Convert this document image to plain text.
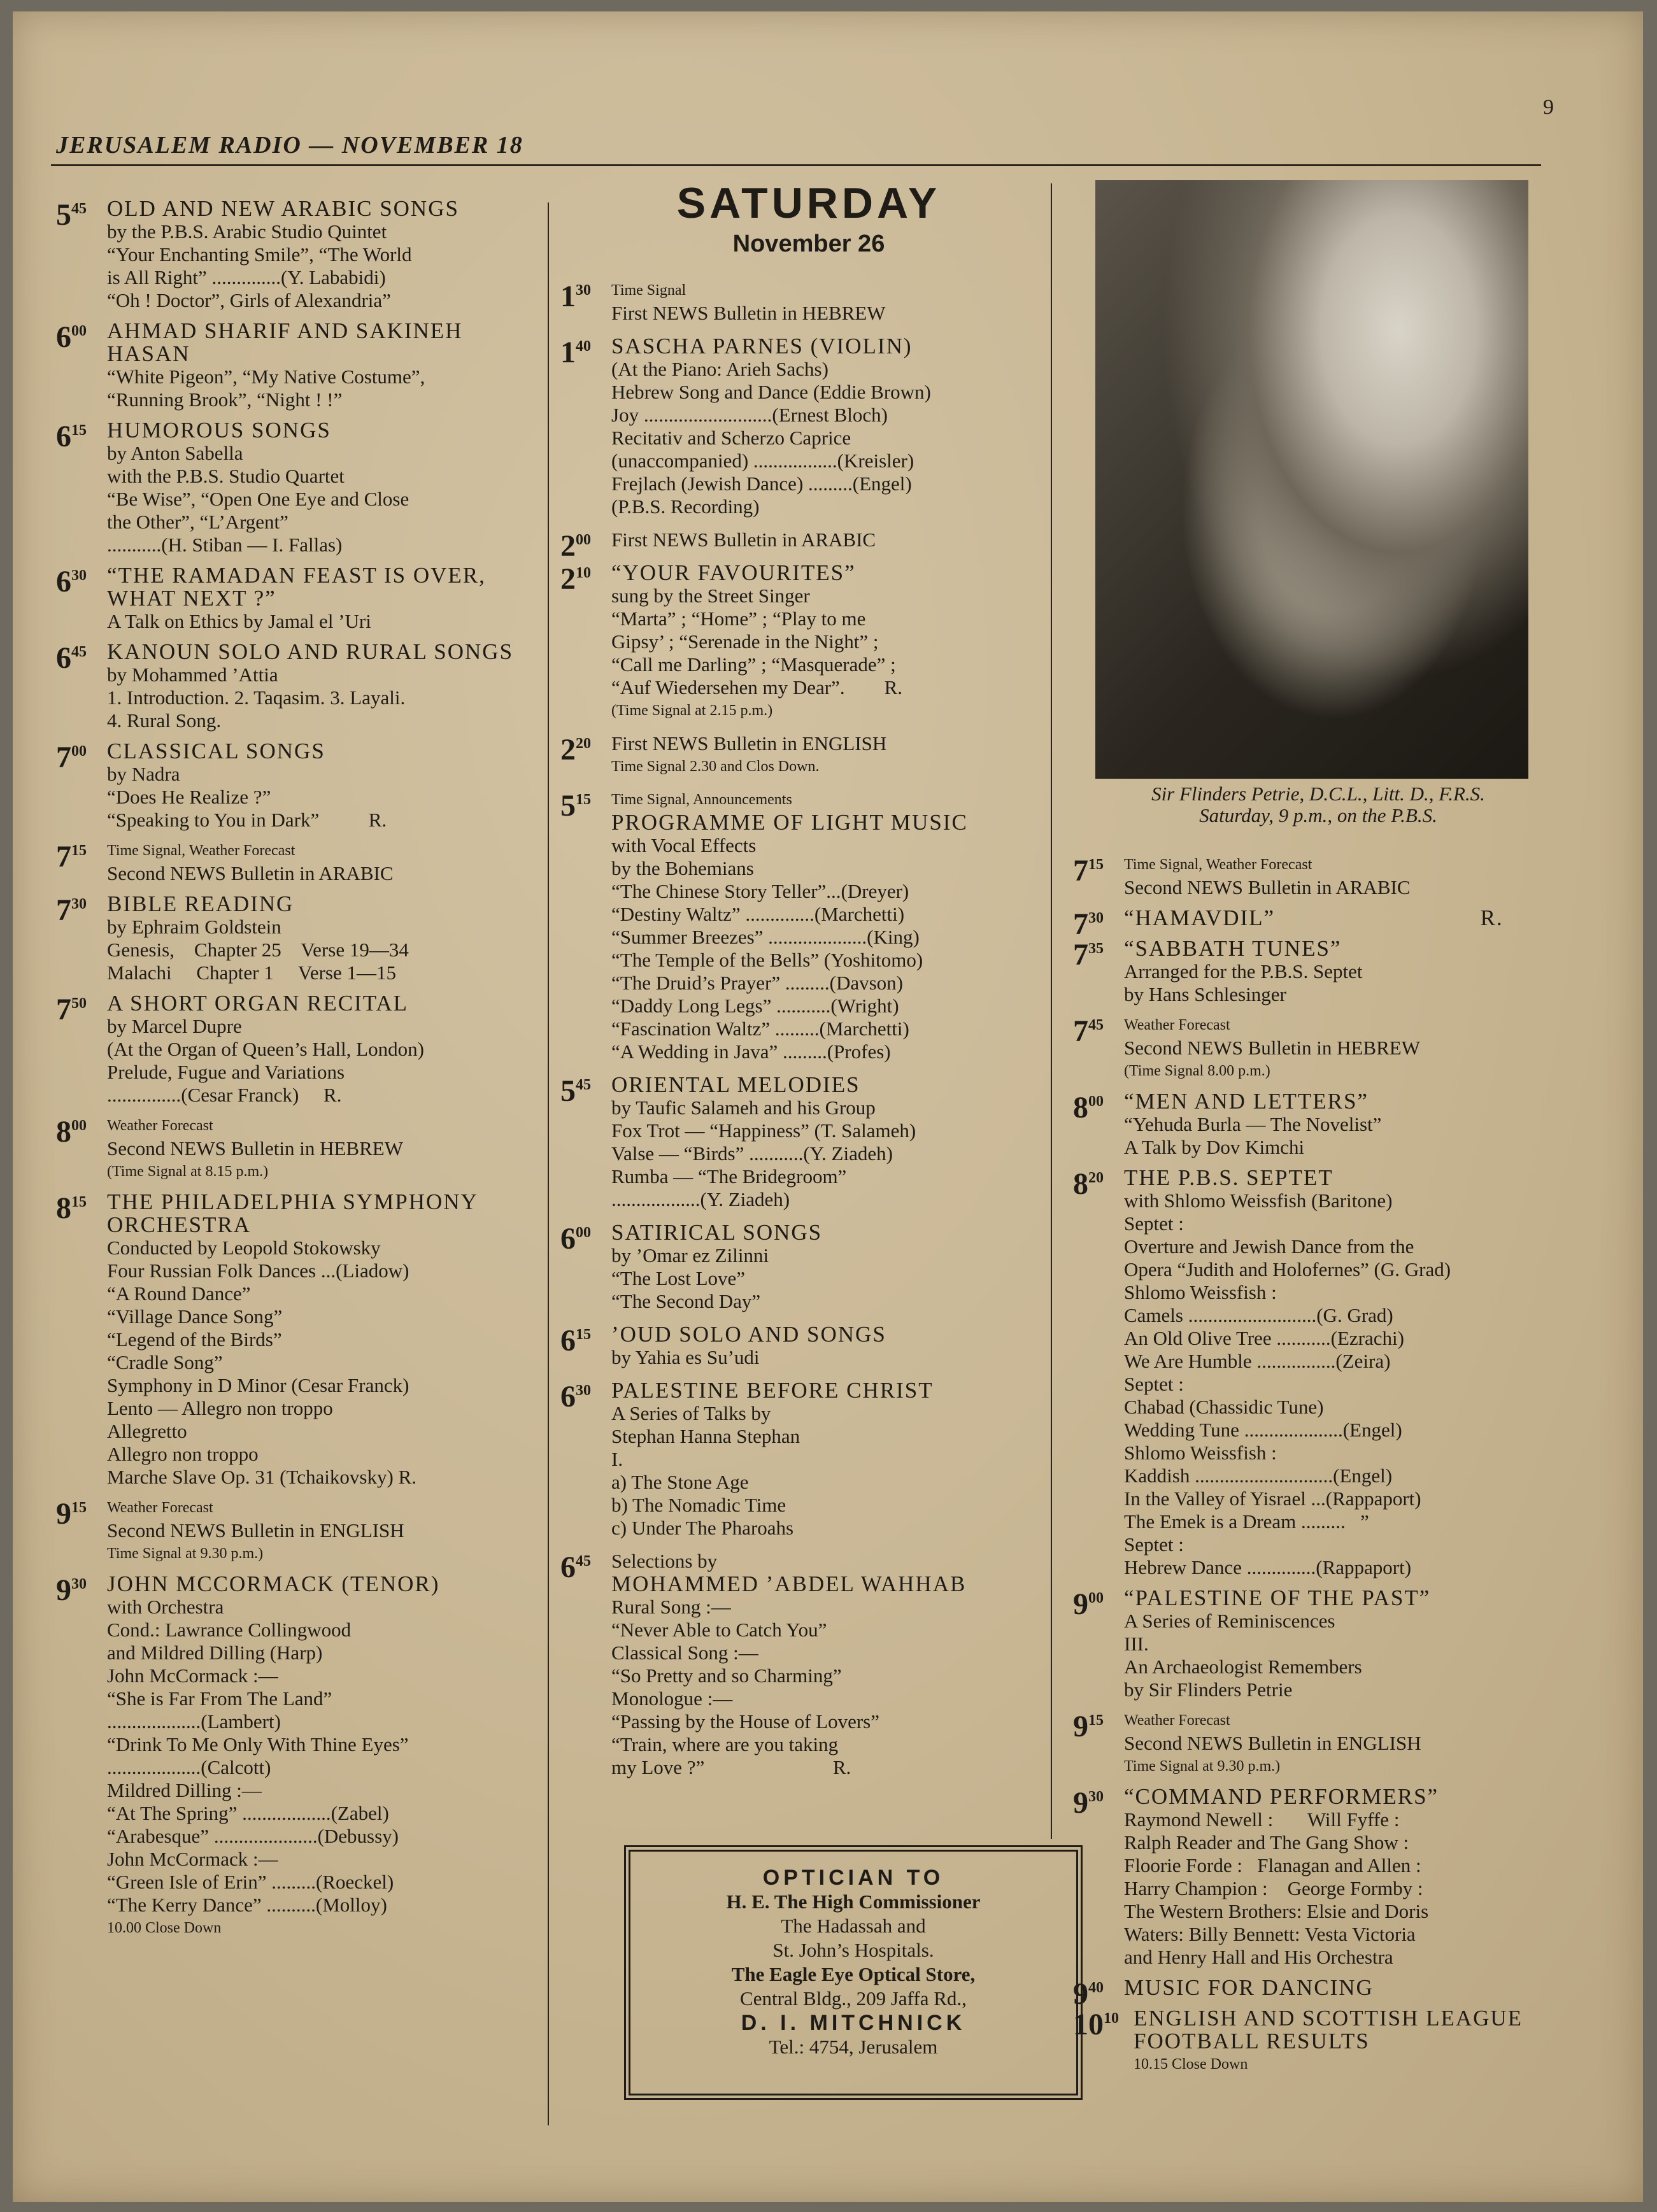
JERUSALEM RADIO — NOVEMBER 18
9
$5^{45}$ OLD AND NEW ARABIC SONGS
by the P.B.S. Arabic Studio Quintet
“Your Enchanting Smile”, “The World
is All Right” ..............(Y. Lababidi)
“Oh ! Doctor”, Girls of Alexandria”
$6^{00}$ AHMAD SHARIF AND SAKINEH
HASAN
“White Pigeon”, “My Native Costume”,
“Running Brook”, “Night ! !”
$6^{15}$ HUMOROUS SONGS
by Anton Sabella
with the P.B.S. Studio Quartet
“Be Wise”, “Open One Eye and Close
the Other”, “L’Argent”
...........(H. Stiban — I. Fallas)
$6^{30}$ “THE RAMADAN FEAST IS OVER,
WHAT NEXT ?”
A Talk on Ethics by Jamal el ’Uri
$6^{45}$ KANOUN SOLO AND RURAL SONGS
by Mohammed ’Attia
1. Introduction. 2. Taqasim. 3. Layali.
4. Rural Song.
$7^{00}$ CLASSICAL SONGS
by Nadra
“Does He Realize ?”
“Speaking to You in Dark”          R.
$7^{15}$ Time Signal, Weather Forecast
Second NEWS Bulletin in ARABIC
$7^{30}$ BIBLE READING
by Ephraim Goldstein
Genesis,    Chapter 25    Verse 19—34
Malachi     Chapter 1     Verse 1—15
$7^{50}$ A SHORT ORGAN RECITAL
by Marcel Dupre
(At the Organ of Queen’s Hall, London)
Prelude, Fugue and Variations
...............(Cesar Franck)     R.
$8^{00}$ Weather Forecast
Second NEWS Bulletin in HEBREW
(Time Signal at 8.15 p.m.)
$8^{15}$ THE PHILADELPHIA SYMPHONY
ORCHESTRA
Conducted by Leopold Stokowsky
Four Russian Folk Dances ...(Liadow)
“A Round Dance”
“Village Dance Song”
“Legend of the Birds”
“Cradle Song”
Symphony in D Minor (Cesar Franck)
Lento — Allegro non troppo
Allegretto
Allegro non troppo
Marche Slave Op. 31 (Tchaikovsky) R.
$9^{15}$ Weather Forecast
Second NEWS Bulletin in ENGLISH
Time Signal at 9.30 p.m.)
$9^{30}$ JOHN MCCORMACK (TENOR)
with Orchestra
Cond.: Lawrance Collingwood
and Mildred Dilling (Harp)
John McCormack :—
“She is Far From The Land”
...................(Lambert)
“Drink To Me Only With Thine Eyes”
...................(Calcott)
Mildred Dilling :—
“At The Spring” ..................(Zabel)
“Arabesque” .....................(Debussy)
John McCormack :—
“Green Isle of Erin” .........(Roeckel)
“The Kerry Dance” ..........(Molloy)
10.00 Close Down
SATURDAY
November 26
$1^{30}$ Time Signal
First NEWS Bulletin in HEBREW
$1^{40}$ SASCHA PARNES (VIOLIN)
(At the Piano: Arieh Sachs)
Hebrew Song and Dance (Eddie Brown)
Joy ..........................(Ernest Bloch)
Recitativ and Scherzo Caprice
(unaccompanied) .................(Kreisler)
Frejlach (Jewish Dance) .........(Engel)
(P.B.S. Recording)
$2^{00}$ First NEWS Bulletin in ARABIC
$2^{10}$ “YOUR FAVOURITES”
sung by the Street Singer
“Marta” ; “Home” ; “Play to me
Gipsy’ ; “Serenade in the Night” ;
“Call me Darling” ; “Masquerade” ;
“Auf Wiedersehen my Dear”.        R.
(Time Signal at 2.15 p.m.)
$2^{20}$ First NEWS Bulletin in ENGLISH
Time Signal 2.30 and Clos Down.
$5^{15}$ Time Signal, Announcements
PROGRAMME OF LIGHT MUSIC
with Vocal Effects
by the Bohemians
“The Chinese Story Teller”...(Dreyer)
“Destiny Waltz” ..............(Marchetti)
“Summer Breezes” ....................(King)
“The Temple of the Bells” (Yoshitomo)
“The Druid’s Prayer” .........(Davson)
“Daddy Long Legs” ...........(Wright)
“Fascination Waltz” .........(Marchetti)
“A Wedding in Java” .........(Profes)
$5^{45}$ ORIENTAL MELODIES
by Taufic Salameh and his Group
Fox Trot — “Happiness” (T. Salameh)
Valse — “Birds” ...........(Y. Ziadeh)
Rumba — “The Bridegroom”
..................(Y. Ziadeh)
$6^{00}$ SATIRICAL SONGS
by ’Omar ez Zilinni
“The Lost Love”
“The Second Day”
$6^{15}$ ’OUD SOLO AND SONGS
by Yahia es Su’udi
$6^{30}$ PALESTINE BEFORE CHRIST
A Series of Talks by
Stephan Hanna Stephan
I.
a) The Stone Age
b) The Nomadic Time
c) Under The Pharoahs
$6^{45}$ Selections by
MOHAMMED ’ABDEL WAHHAB
Rural Song :—
“Never Able to Catch You”
Classical Song :—
“So Pretty and so Charming”
Monologue :—
“Passing by the House of Lovers”
“Train, where are you taking
my Love ?”                          R.
Sir Flinders Petrie, D.C.L., Litt. D., F.R.S.
Saturday, 9 p.m., on the P.B.S.
$7^{15}$ Time Signal, Weather Forecast
Second NEWS Bulletin in ARABIC
$7^{30}$ “HAMAVDIL”                              R.
$7^{35}$ “SABBATH TUNES”
Arranged for the P.B.S. Septet
by Hans Schlesinger
$7^{45}$ Weather Forecast
Second NEWS Bulletin in HEBREW
(Time Signal 8.00 p.m.)
$8^{00}$ “MEN AND LETTERS”
“Yehuda Burla — The Novelist”
A Talk by Dov Kimchi
$8^{20}$ THE P.B.S. SEPTET
with Shlomo Weissfish (Baritone)
Septet :
Overture and Jewish Dance from the
Opera “Judith and Holofernes” (G. Grad)
Shlomo Weissfish :
Camels ..........................(G. Grad)
An Old Olive Tree ...........(Ezrachi)
We Are Humble ................(Zeira)
Septet :
Chabad (Chassidic Tune)
Wedding Tune ....................(Engel)
Shlomo Weissfish :
Kaddish ............................(Engel)
In the Valley of Yisrael ...(Rappaport)
The Emek is a Dream .........   ”
Septet :
Hebrew Dance ..............(Rappaport)
$9^{00}$ “PALESTINE OF THE PAST”
A Series of Reminiscences
III.
An Archaeologist Remembers
by Sir Flinders Petrie
$9^{15}$ Weather Forecast
Second NEWS Bulletin in ENGLISH
Time Signal at 9.30 p.m.)
$9^{30}$ “COMMAND PERFORMERS”
Raymond Newell :       Will Fyffe :
Ralph Reader and The Gang Show :
Floorie Forde :   Flanagan and Allen :
Harry Champion :    George Formby :
The Western Brothers: Elsie and Doris
Waters: Billy Bennett: Vesta Victoria
and Henry Hall and His Orchestra
$9^{40}$ MUSIC FOR DANCING
$10^{10}$ ENGLISH AND SCOTTISH LEAGUE
FOOTBALL RESULTS
10.15 Close Down
OPTICIAN TO
H. E. The High Commissioner
The Hadassah and
St. John’s Hospitals.
The Eagle Eye Optical Store,
Central Bldg., 209 Jaffa Rd.,
D. I. MITCHNICK
Tel.: 4754, Jerusalem
